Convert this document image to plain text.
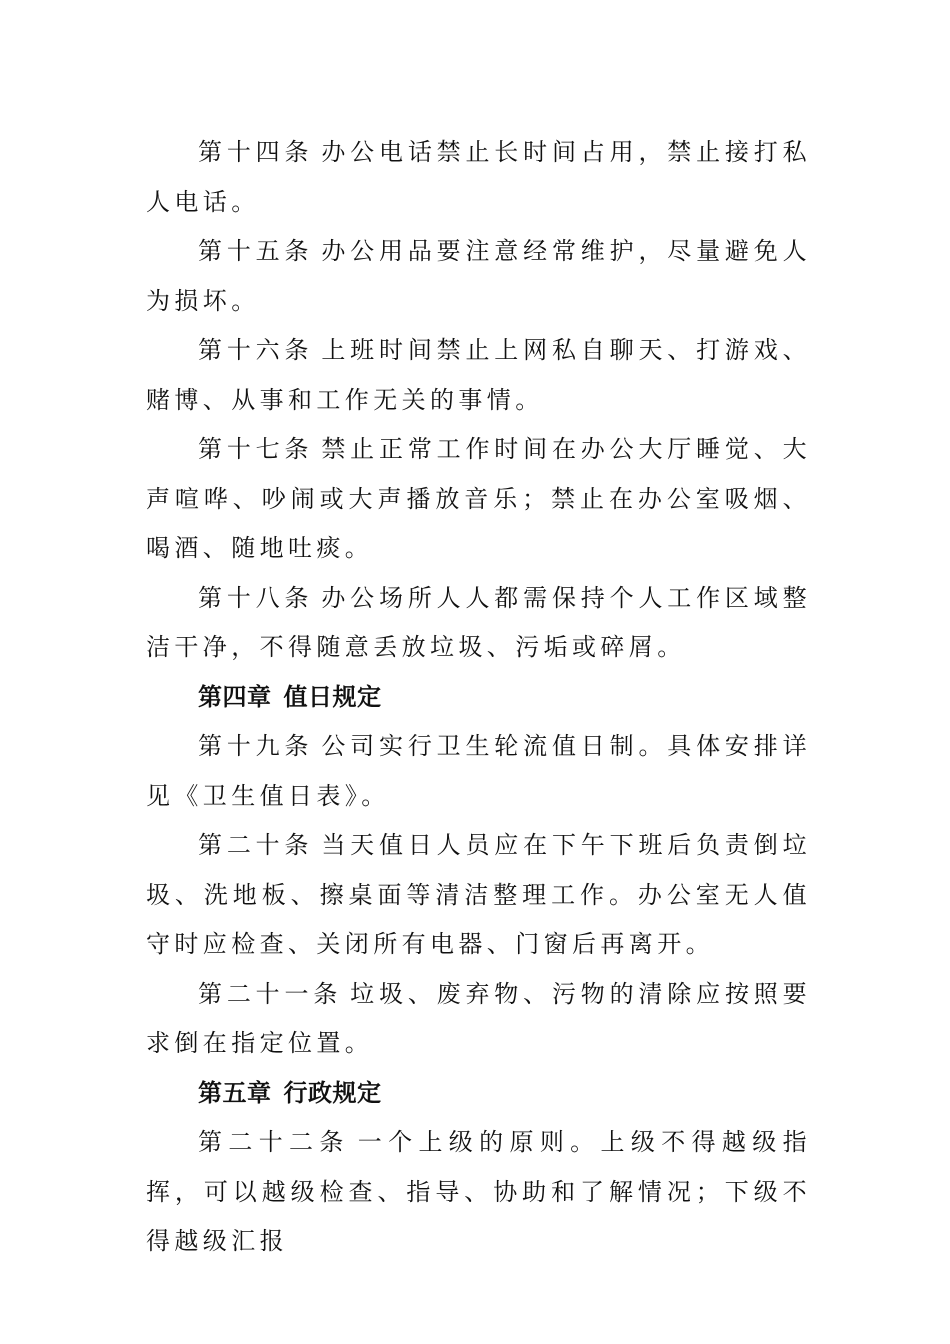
第十四条 办公电话禁止长时间占用，禁止接打私人电话。

第十五条 办公用品要注意经常维护，尽量避免人为损坏。

第十六条 上班时间禁止上网私自聊天、打游戏、赌博、从事和工作无关的事情。

第十七条 禁止正常工作时间在办公大厅睡觉、大声喧哗、吵闹或大声播放音乐；禁止在办公室吸烟、喝酒、随地吐痰。

第十八条 办公场所人人都需保持个人工作区域整洁干净，不得随意丢放垃圾、污垢或碎屑。

第四章 值日规定

第十九条 公司实行卫生轮流值日制。具体安排详见《卫生值日表》。

第二十条 当天值日人员应在下午下班后负责倒垃圾、洗地板、擦桌面等清洁整理工作。办公室无人值守时应检查、关闭所有电器、门窗后再离开。

第二十一条 垃圾、废弃物、污物的清除应按照要求倒在指定位置。

第五章 行政规定

第二十二条 一个上级的原则。上级不得越级指挥，可以越级检查、指导、协助和了解情况；下级不得越级汇报
